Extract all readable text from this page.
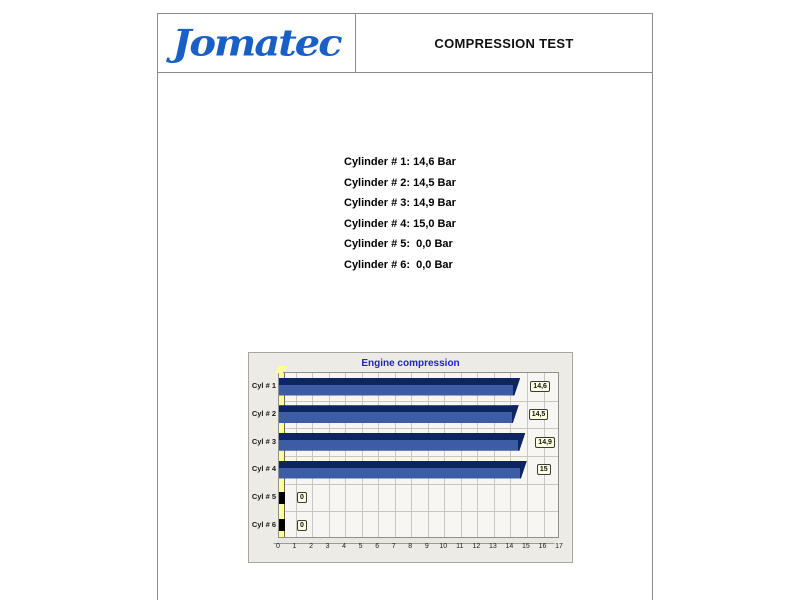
Jomatec	COMPRESSION TEST
Cylinder # 1: 14,6 Bar
Cylinder # 2: 14,5 Bar
Cylinder # 3: 14,9 Bar
Cylinder # 4: 15,0 Bar
Cylinder # 5:  0,0 Bar
Cylinder # 6:  0,0 Bar
Engine compression
14,6
14,5
14,9
15
0
0
Cyl # 1
Cyl # 2
Cyl # 3
Cyl # 4
Cyl # 5
Cyl # 6
0	1	2	3	4	5	6	7	8	9	10	11	12	13	14	15	16	17
